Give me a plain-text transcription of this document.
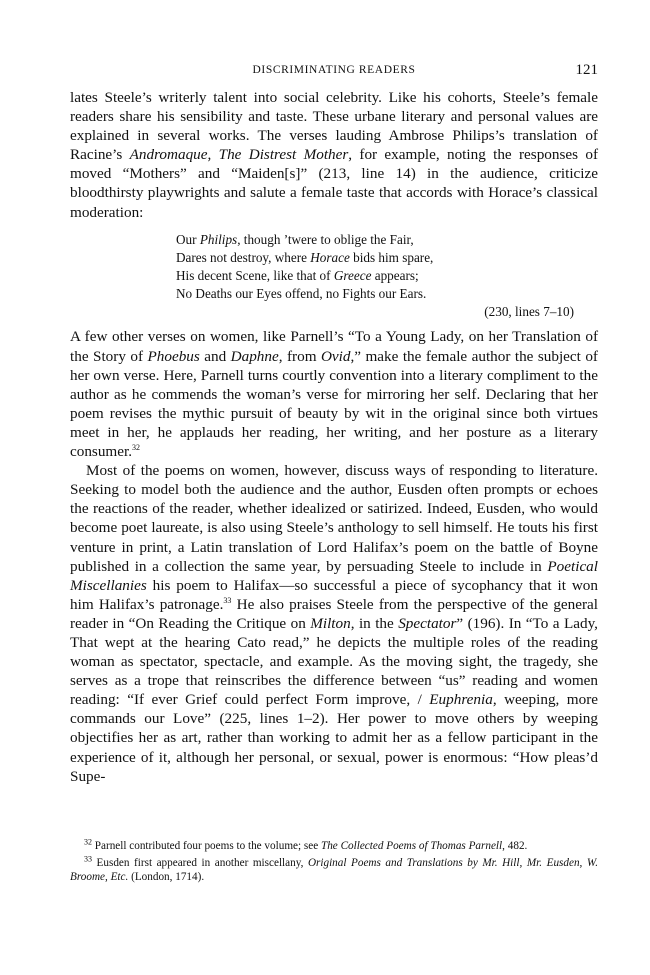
DISCRIMINATING READERS	121

lates Steele’s writerly talent into social celebrity. Like his cohorts, Steele’s female readers share his sensibility and taste. These urbane literary and personal values are explained in several works. The verses lauding Ambrose Philips’s translation of Racine’s Andromaque, The Distrest Mother, for example, noting the responses of moved “Mothers” and “Maiden[s]” (213, line 14) in the audience, criticize bloodthirsty playwrights and salute a female taste that accords with Horace’s classical moderation:

Our Philips, though ’twere to oblige the Fair,
Dares not destroy, where Horace bids him spare,
His decent Scene, like that of Greece appears;
No Deaths our Eyes offend, no Fights our Ears.
(230, lines 7–10)

A few other verses on women, like Parnell’s “To a Young Lady, on her Translation of the Story of Phoebus and Daphne, from Ovid,” make the female author the subject of her own verse. Here, Parnell turns courtly convention into a literary compliment to the author as he commends the woman’s verse for mirroring her self. Declaring that her poem revises the mythic pursuit of beauty by wit in the original since both virtues meet in her, he applauds her reading, her writing, and her posture as a literary consumer.$^{32}$

Most of the poems on women, however, discuss ways of responding to literature. Seeking to model both the audience and the author, Eusden often prompts or echoes the reactions of the reader, whether idealized or satirized. Indeed, Eusden, who would become poet laureate, is also using Steele’s anthology to sell himself. He touts his first venture in print, a Latin translation of Lord Halifax’s poem on the battle of Boyne published in a collection the same year, by persuading Steele to include in Poetical Miscellanies his poem to Halifax—so successful a piece of sycophancy that it won him Halifax’s patronage.$^{33}$ He also praises Steele from the perspective of the general reader in “On Reading the Critique on Milton, in the Spectator” (196). In “To a Lady, That wept at the hearing Cato read,” he depicts the multiple roles of the reading woman as spectator, spectacle, and example. As the moving sight, the tragedy, she serves as a trope that reinscribes the difference between “us” reading and women reading: “If ever Grief could perfect Form improve, / Euphrenia, weeping, more commands our Love” (225, lines 1–2). Her power to move others by weeping objectifies her as art, rather than working to admit her as a fellow participant in the experience of it, although her personal, or sexual, power is enormous: “How pleas’d Supe-

$^{32}$ Parnell contributed four poems to the volume; see The Collected Poems of Thomas Parnell, 482.

$^{33}$ Eusden first appeared in another miscellany, Original Poems and Translations by Mr. Hill, Mr. Eusden, W. Broome, Etc. (London, 1714).
